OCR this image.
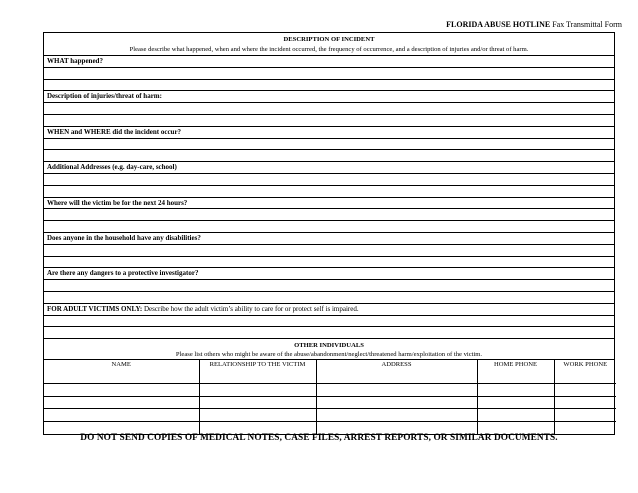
FLORIDA ABUSE HOTLINE Fax Transmittal Form
DESCRIPTION OF INCIDENT
Please describe what happened, when and where the incident occurred, the frequency of occurrence, and a description of injuries and/or threat of harm.
WHAT happened?
Description of injuries/threat of harm:
WHEN and WHERE did the incident occur?
Additional Addresses (e.g. day-care, school)
Where will the victim be for the next 24 hours?
Does anyone in the household have any disabilities?
Are there any dangers to a protective investigator?
FOR ADULT VICTIMS ONLY: Describe how the adult victim’s ability to care for or protect self is impaired.
OTHER INDIVIDUALS
Please list others who might be aware of the abuse/abandonment/neglect/threatened harm/exploitation of the victim.
NAME	RELATIONSHIP TO THE VICTIM	ADDRESS	HOME PHONE	WORK PHONE

DO NOT SEND COPIES OF MEDICAL NOTES, CASE FILES, ARREST REPORTS, OR SIMILAR DOCUMENTS.
